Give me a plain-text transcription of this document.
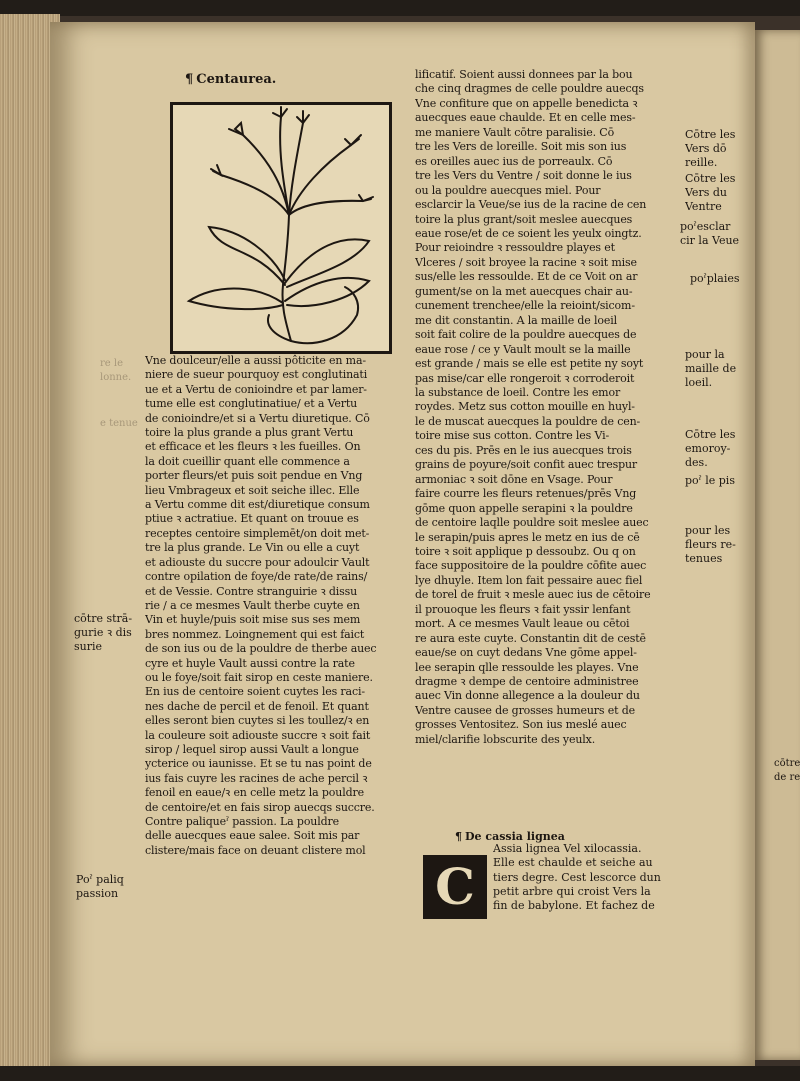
cōtre
de re
re le
lonne.
e tenue
¶ Centaurea.
Vne doulceur/elle a aussi pôticite en ma-
niere de sueur pourquoy est conglutinati
ue et a Vertu de conioindre et par lamer-
tume elle est conglutinatiue/ et a Vertu
de conioindre/et si a Vertu diuretique. Cō
toire la plus grande a plus grant Vertu
et efficace et les fleurs ꝛ les fueilles. On
la doit cueillir quant elle commence a
porter fleurs/et puis soit pendue en Vng
lieu Vmbrageux et soit seiche illec. Elle
a Vertu comme dit est/diuretique consum
ptiue ꝛ actratiue. Et quant on trouue es
receptes centoire simplemēt/on doit met-
tre la plus grande. Le Vin ou elle a cuyt
et adiouste du succre pour adoulcir Vault
contre opilation de foye/de rate/de rains/
et de Vessie. Contre stranguirie ꝛ dissu
rie / a ce mesmes Vault therbe cuyte en
Vin et huyle/puis soit mise sus ses mem
bres nommez. Loingnement qui est faict
de son ius ou de la pouldre de therbe auec
cyre et huyle Vault aussi contre la rate
ou le foye/soit fait sirop en ceste maniere.
En ius de centoire soient cuytes les raci-
nes dache de percil et de fenoil. Et quant
elles seront bien cuytes si les toullez/ꝛ en
la couleure soit adiouste succre ꝛ soit fait
sirop / lequel sirop aussi Vault a longue
ycterice ou iaunisse. Et se tu nas point de
ius fais cuyre les racines de ache percil ꝛ
fenoil en eaue/ꝛ en celle metz la pouldre
de centoire/et en fais sirop auecqs succre.
Contre paliqueˀ passion. La pouldre
delle auecques eaue salee. Soit mis par
clistere/mais face on deuant clistere mol
lificatif. Soient aussi donnees par la bou
che cinq dragmes de celle pouldre auecqs
Vne confiture que on appelle benedicta ꝛ
auecques eaue chaulde. Et en celle mes-
me maniere Vault cōtre paralisie. Cō
tre les Vers de loreille. Soit mis son ius
es oreilles auec ius de porreaulx. Cō
tre les Vers du Ventre / soit donne le ius
ou la pouldre auecques miel. Pour
esclarcir la Veue/se ius de la racine de cen
toire la plus grant/soit meslee auecques
eaue rose/et de ce soient les yeulx oingtz.
Pour reioindre ꝛ ressouldre playes et
Vlceres / soit broyee la racine ꝛ soit mise
sus/elle les ressoulde. Et de ce Voit on ar
gument/se on la met auecques chair au-
cunement trenchee/elle la reioint/sicom-
me dit constantin. A la maille de loeil
soit fait colire de la pouldre auecques de
eaue rose / ce y Vault moult se la maille
est grande / mais se elle est petite ny soyt
pas mise/car elle rongeroit ꝛ corroderoit
la substance de loeil. Contre les emor
roydes. Metz sus cotton mouille en huyl-
le de muscat auecques la pouldre de cen-
toire mise sus cotton. Contre les Vi-
ces du pis. Prēs en le ius auecques trois
grains de poyure/soit confit auec trespur
armoniac ꝛ soit dōne en Vsage. Pour
faire courre les fleurs retenues/prēs Vng
gōme quon appelle serapini ꝛ la pouldre
de centoire laqlle pouldre soit meslee auec
le serapin/puis apres le metz en ius de cē
toire ꝛ soit applique p dessoubz. Ou q on
face suppositoire de la pouldre cōfite auec
lye dhuyle. Item lon fait pessaire auec fiel
de torel de fruit ꝛ mesle auec ius de cētoire
il prouoque les fleurs ꝛ fait yssir lenfant
mort. A ce mesmes Vault leaue ou cētoi
re aura este cuyte. Constantin dit de cestē
eaue/se on cuyt dedans Vne gōme appel-
lee serapin qlle ressoulde les playes. Vne
dragme ꝛ dempe de centoire administree
auec Vin donne allegence a la douleur du
Ventre causee de grosses humeurs et de
grosses Ventositez. Son ius meslé auec
miel/clarifie lobscurite des yeulx.
¶ De cassia lignea
C
Assia lignea Vel xilocassia.
Elle est chaulde et seiche au
tiers degre. Cest lescorce dun
petit arbre qui croist Vers la
fin de babylone. Et fachez de
cōtre strā-
gurie ꝛ dis
surie
Poˀ paliq
passion
Cōtre les
Vers dō
reille.
Cōtre les
Vers du
Ventre
poˀesclar
cir la Veue
poˀplaies
pour la
maille de
loeil.
Cōtre les
emoroy-
des.
poˀ le pis
pour les
fleurs re-
tenues
